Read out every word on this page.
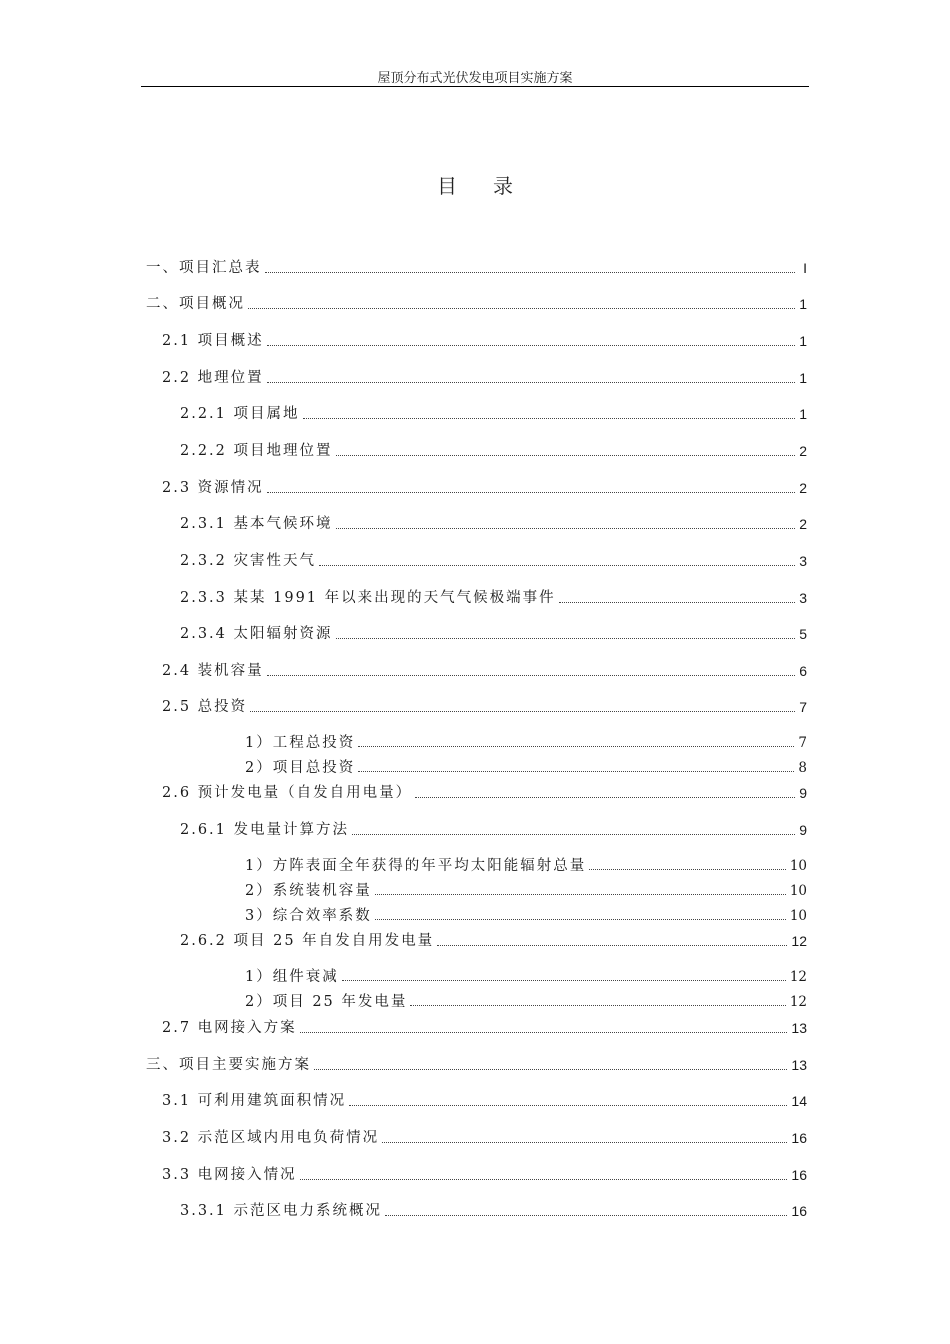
屋顶分布式光伏发电项目实施方案
目录
一、项目汇总表	I
二、项目概况	1
2.1 项目概述	1
2.2 地理位置	1
2.2.1 项目属地	1
2.2.2 项目地理位置	2
2.3 资源情况	2
2.3.1 基本气候环境	2
2.3.2 灾害性天气	3
2.3.3 某某 1991 年以来出现的天气气候极端事件	3
2.3.4 太阳辐射资源	5
2.4 装机容量	6
2.5 总投资	7
1）工程总投资	7
2）项目总投资	8
2.6 预计发电量（自发自用电量）	9
2.6.1 发电量计算方法	9
1）方阵表面全年获得的年平均太阳能辐射总量	10
2）系统装机容量	10
3）综合效率系数	10
2.6.2 项目 25 年自发自用发电量	12
1）组件衰减	12
2）项目 25 年发电量	12
2.7 电网接入方案	13
三、项目主要实施方案	13
3.1 可利用建筑面积情况	14
3.2 示范区域内用电负荷情况	16
3.3 电网接入情况	16
3.3.1 示范区电力系统概况	16
